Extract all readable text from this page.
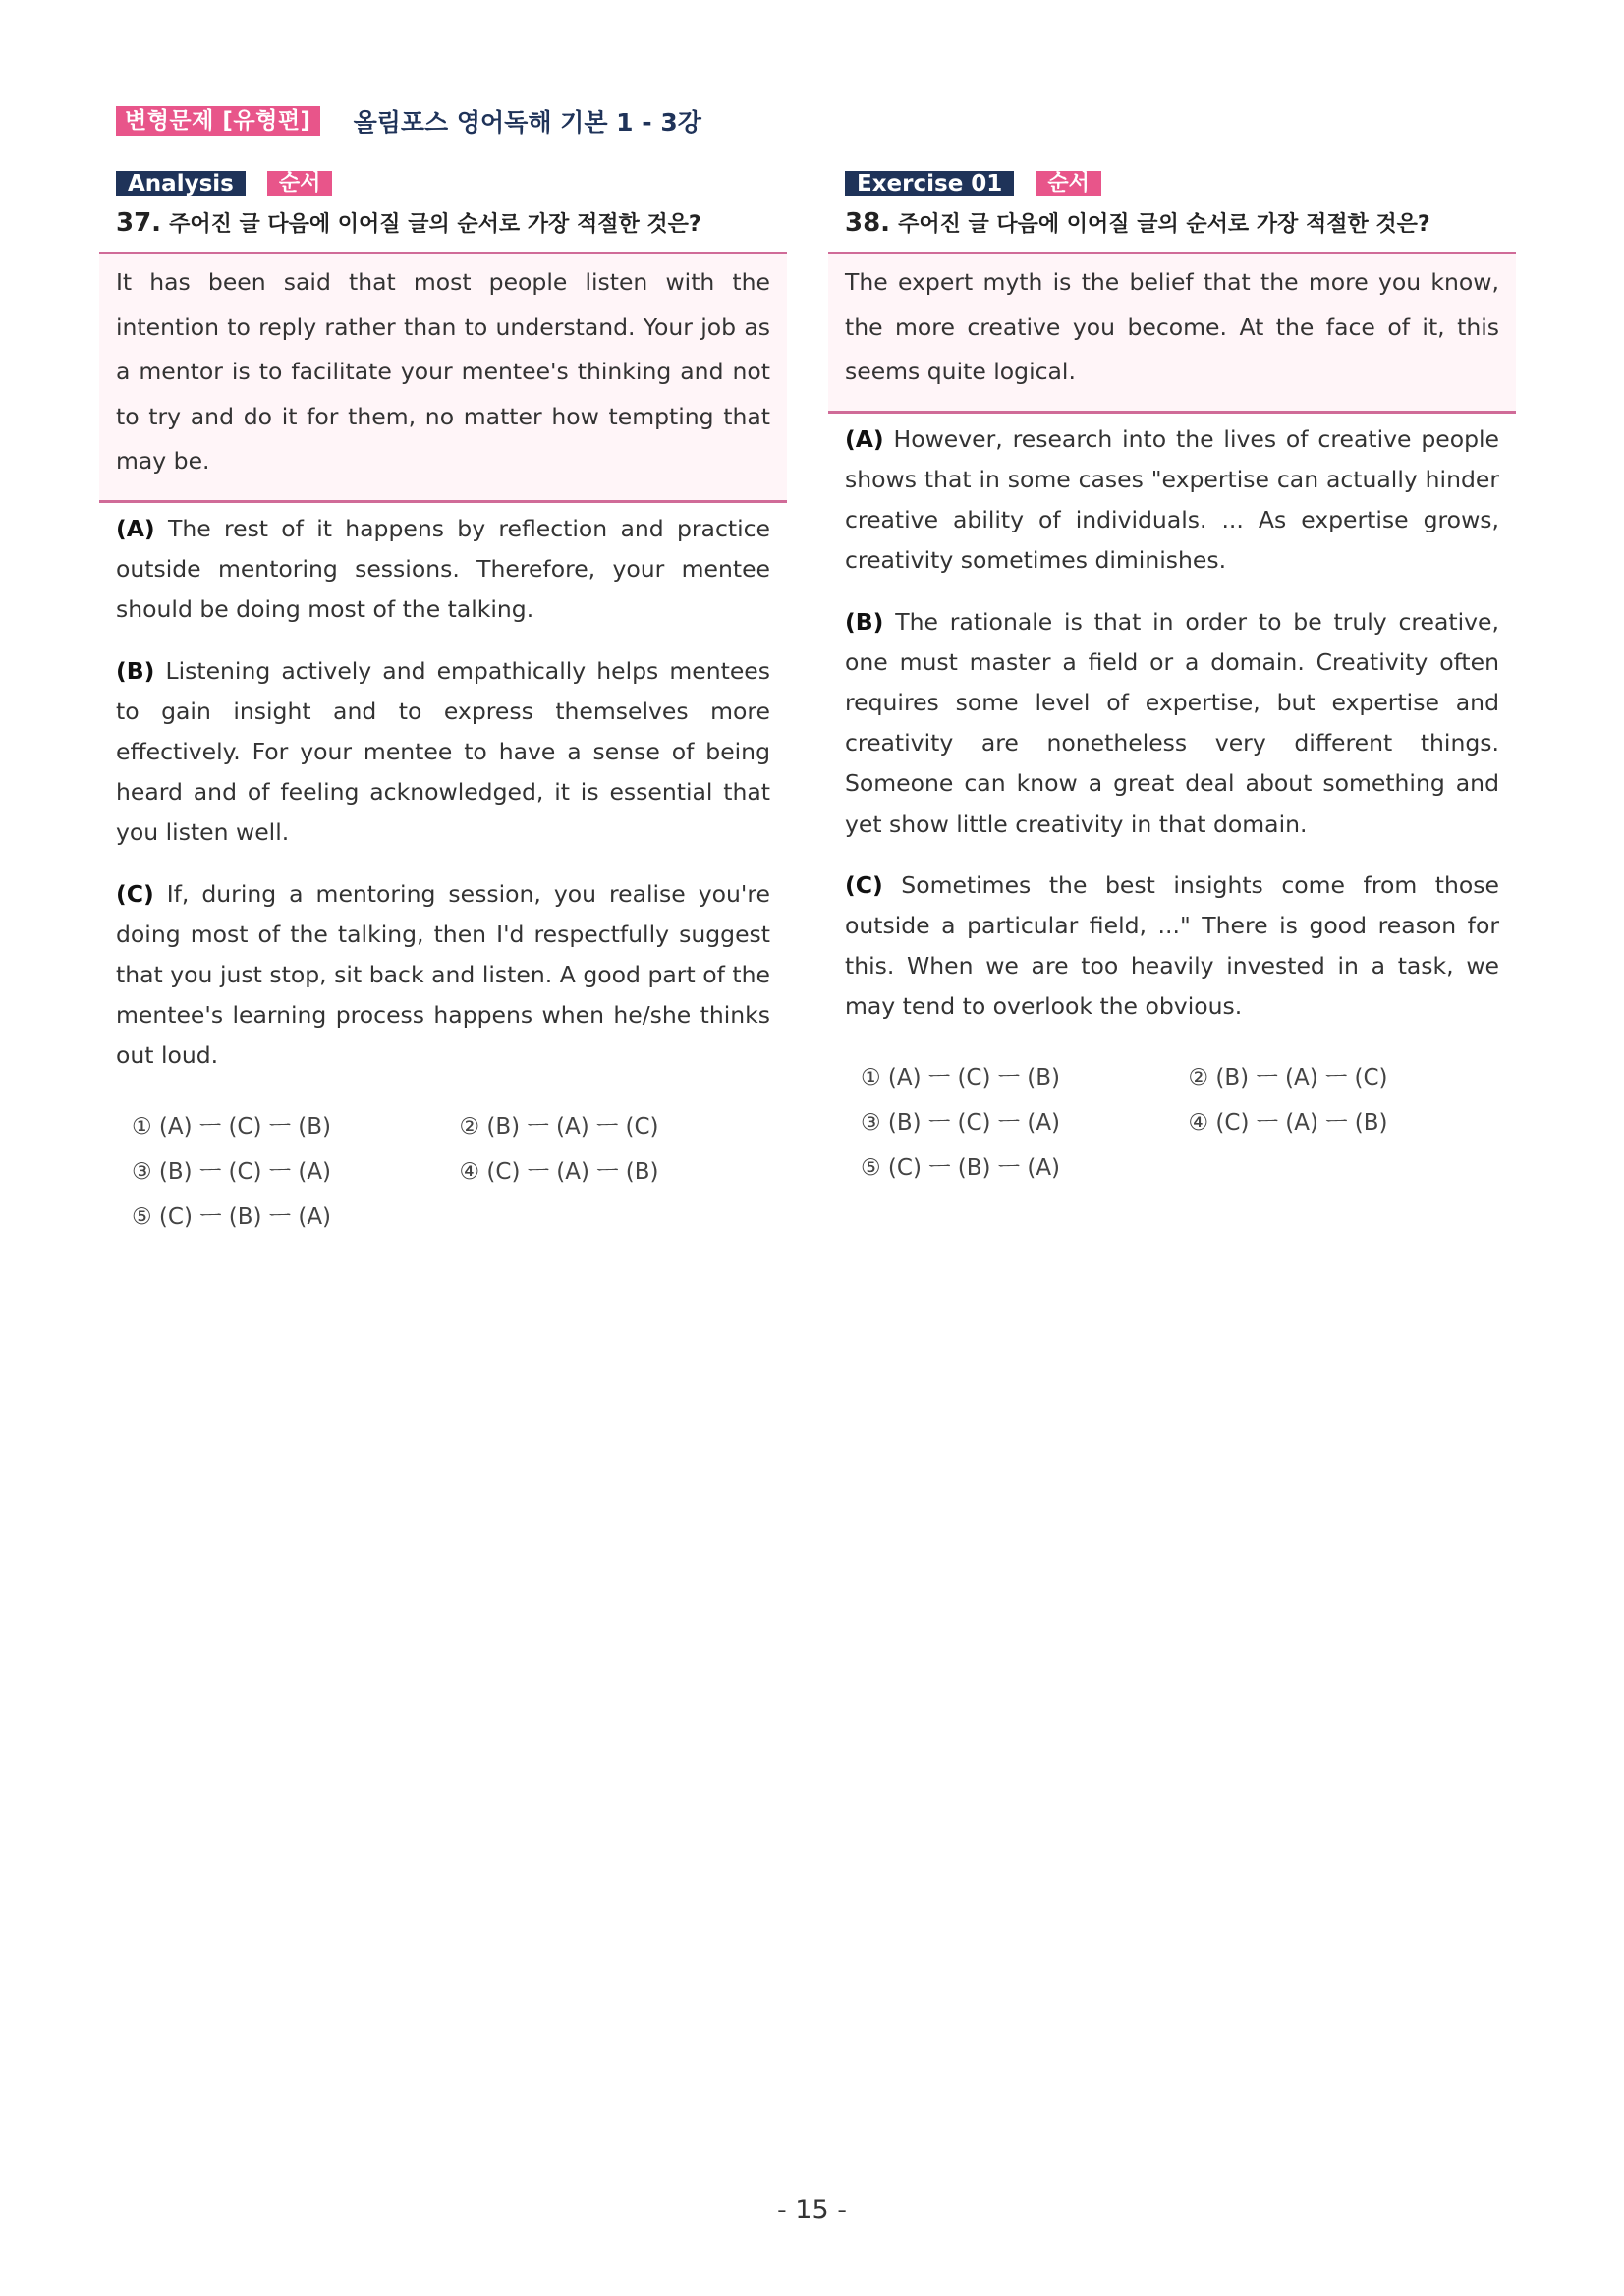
변형문제 [유형편]	올림포스 영어독해 기본 1 - 3강
Analysis	순서
37. 주어진 글 다음에 이어질 글의 순서로 가장 적절한 것은?
It has been said that most people listen with the intention to reply rather than to understand. Your job as a mentor is to facilitate your mentee's thinking and not to try and do it for them, no matter how tempting that may be.

(A) The rest of it happens by reflection and practice outside mentoring sessions. Therefore, your mentee should be doing most of the talking.

(B) Listening actively and empathically helps mentees to gain insight and to express themselves more effectively. For your mentee to have a sense of being heard and of feeling acknowledged, it is essential that you listen well.

(C) If, during a mentoring session, you realise you're doing most of the talking, then I'd respectfully suggest that you just stop, sit back and listen. A good part of the mentee's learning process happens when he/she thinks out loud.

① (A) ㅡ (C) ㅡ (B)	② (B) ㅡ (A) ㅡ (C)
③ (B) ㅡ (C) ㅡ (A)	④ (C) ㅡ (A) ㅡ (B)
⑤ (C) ㅡ (B) ㅡ (A)
Exercise 01	순서
38. 주어진 글 다음에 이어질 글의 순서로 가장 적절한 것은?
The expert myth is the belief that the more you know, the more creative you become. At the face of it, this seems quite logical.

(A) However, research into the lives of creative people shows that in some cases "expertise can actually hinder creative ability of individuals. ... As expertise grows, creativity sometimes diminishes.

(B) The rationale is that in order to be truly creative, one must master a field or a domain. Creativity often requires some level of expertise, but expertise and creativity are nonetheless very different things. Someone can know a great deal about something and yet show little creativity in that domain.

(C) Sometimes the best insights come from those outside a particular field, ..." There is good reason for this. When we are too heavily invested in a task, we may tend to overlook the obvious.

① (A) ㅡ (C) ㅡ (B)	② (B) ㅡ (A) ㅡ (C)
③ (B) ㅡ (C) ㅡ (A)	④ (C) ㅡ (A) ㅡ (B)
⑤ (C) ㅡ (B) ㅡ (A)
- 15 -
